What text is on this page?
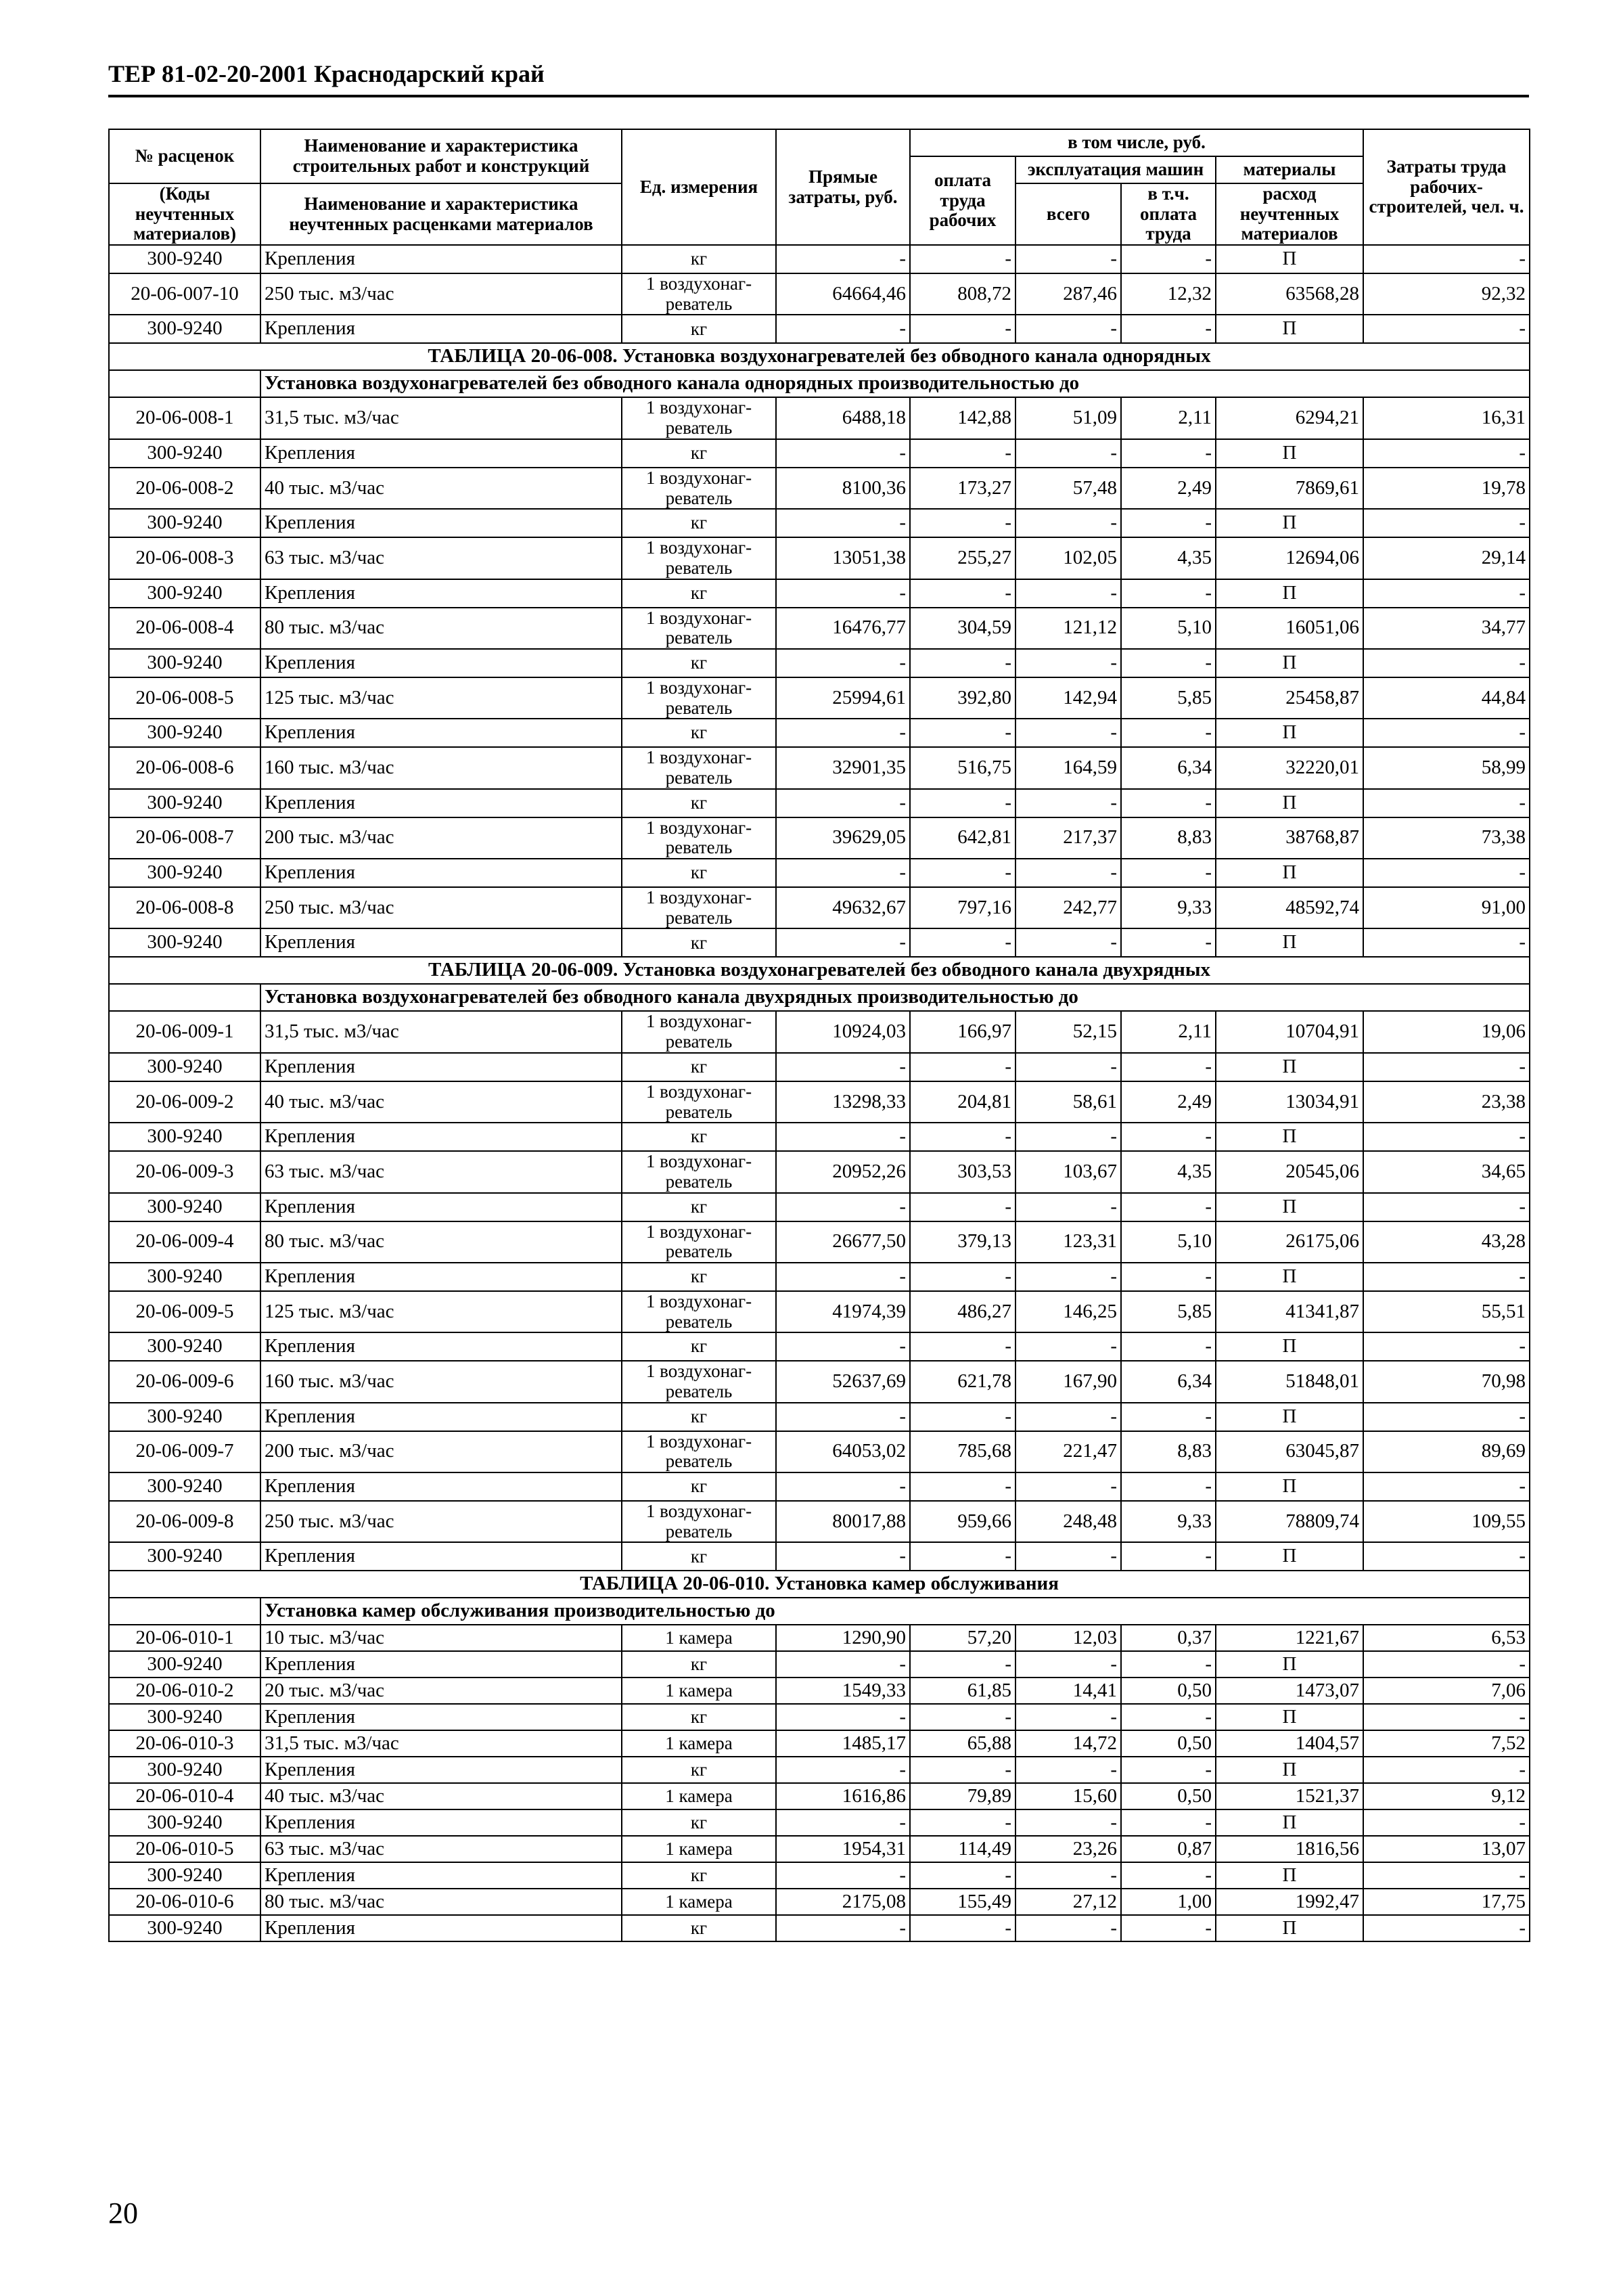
ТЕР 81-02-20-2001 Краснодарский край
№ расценок	Наименование и характеристика строительных работ и конструкций	Ед. измерения	Прямые затраты, руб.	в том числе, руб.				Затраты труда рабочих-строителей, чел. ч.
				оплата труда рабочих	эксплуатация машин		материалы	
(Коды неучтенных материалов)	Наименование и характеристика неучтенных расценками материалов				всего	в т.ч. оплата труда	расход неучтенных материалов	

300-9240	Крепления	кг	-	-	-	-	П	-
20-06-007-10	250 тыс. м3/час	1 воздухонаг-реватель	64664,46	808,72	287,46	12,32	63568,28	92,32
300-9240	Крепления	кг	-	-	-	-	П	-
ТАБЛИЦА 20-06-008. Установка воздухонагревателей без обводного канала однорядных								
	Установка воздухонагревателей без обводного канала однорядных производительностью до							
20-06-008-1	31,5 тыс. м3/час	1 воздухонаг-реватель	6488,18	142,88	51,09	2,11	6294,21	16,31
300-9240	Крепления	кг	-	-	-	-	П	-
20-06-008-2	40 тыс. м3/час	1 воздухонаг-реватель	8100,36	173,27	57,48	2,49	7869,61	19,78
300-9240	Крепления	кг	-	-	-	-	П	-
20-06-008-3	63 тыс. м3/час	1 воздухонаг-реватель	13051,38	255,27	102,05	4,35	12694,06	29,14
300-9240	Крепления	кг	-	-	-	-	П	-
20-06-008-4	80 тыс. м3/час	1 воздухонаг-реватель	16476,77	304,59	121,12	5,10	16051,06	34,77
300-9240	Крепления	кг	-	-	-	-	П	-
20-06-008-5	125 тыс. м3/час	1 воздухонаг-реватель	25994,61	392,80	142,94	5,85	25458,87	44,84
300-9240	Крепления	кг	-	-	-	-	П	-
20-06-008-6	160 тыс. м3/час	1 воздухонаг-реватель	32901,35	516,75	164,59	6,34	32220,01	58,99
300-9240	Крепления	кг	-	-	-	-	П	-
20-06-008-7	200 тыс. м3/час	1 воздухонаг-реватель	39629,05	642,81	217,37	8,83	38768,87	73,38
300-9240	Крепления	кг	-	-	-	-	П	-
20-06-008-8	250 тыс. м3/час	1 воздухонаг-реватель	49632,67	797,16	242,77	9,33	48592,74	91,00
300-9240	Крепления	кг	-	-	-	-	П	-
ТАБЛИЦА 20-06-009. Установка воздухонагревателей без обводного канала двухрядных								
	Установка воздухонагревателей без обводного канала двухрядных производительностью до							
20-06-009-1	31,5 тыс. м3/час	1 воздухонаг-реватель	10924,03	166,97	52,15	2,11	10704,91	19,06
300-9240	Крепления	кг	-	-	-	-	П	-
20-06-009-2	40 тыс. м3/час	1 воздухонаг-реватель	13298,33	204,81	58,61	2,49	13034,91	23,38
300-9240	Крепления	кг	-	-	-	-	П	-
20-06-009-3	63 тыс. м3/час	1 воздухонаг-реватель	20952,26	303,53	103,67	4,35	20545,06	34,65
300-9240	Крепления	кг	-	-	-	-	П	-
20-06-009-4	80 тыс. м3/час	1 воздухонаг-реватель	26677,50	379,13	123,31	5,10	26175,06	43,28
300-9240	Крепления	кг	-	-	-	-	П	-
20-06-009-5	125 тыс. м3/час	1 воздухонаг-реватель	41974,39	486,27	146,25	5,85	41341,87	55,51
300-9240	Крепления	кг	-	-	-	-	П	-
20-06-009-6	160 тыс. м3/час	1 воздухонаг-реватель	52637,69	621,78	167,90	6,34	51848,01	70,98
300-9240	Крепления	кг	-	-	-	-	П	-
20-06-009-7	200 тыс. м3/час	1 воздухонаг-реватель	64053,02	785,68	221,47	8,83	63045,87	89,69
300-9240	Крепления	кг	-	-	-	-	П	-
20-06-009-8	250 тыс. м3/час	1 воздухонаг-реватель	80017,88	959,66	248,48	9,33	78809,74	109,55
300-9240	Крепления	кг	-	-	-	-	П	-
ТАБЛИЦА 20-06-010. Установка камер обслуживания								
	Установка камер обслуживания производительностью до							
20-06-010-1	10 тыс. м3/час	1 камера	1290,90	57,20	12,03	0,37	1221,67	6,53
300-9240	Крепления	кг	-	-	-	-	П	-
20-06-010-2	20 тыс. м3/час	1 камера	1549,33	61,85	14,41	0,50	1473,07	7,06
300-9240	Крепления	кг	-	-	-	-	П	-
20-06-010-3	31,5 тыс. м3/час	1 камера	1485,17	65,88	14,72	0,50	1404,57	7,52
300-9240	Крепления	кг	-	-	-	-	П	-
20-06-010-4	40 тыс. м3/час	1 камера	1616,86	79,89	15,60	0,50	1521,37	9,12
300-9240	Крепления	кг	-	-	-	-	П	-
20-06-010-5	63 тыс. м3/час	1 камера	1954,31	114,49	23,26	0,87	1816,56	13,07
300-9240	Крепления	кг	-	-	-	-	П	-
20-06-010-6	80 тыс. м3/час	1 камера	2175,08	155,49	27,12	1,00	1992,47	17,75
300-9240	Крепления	кг	-	-	-	-	П	-
20
